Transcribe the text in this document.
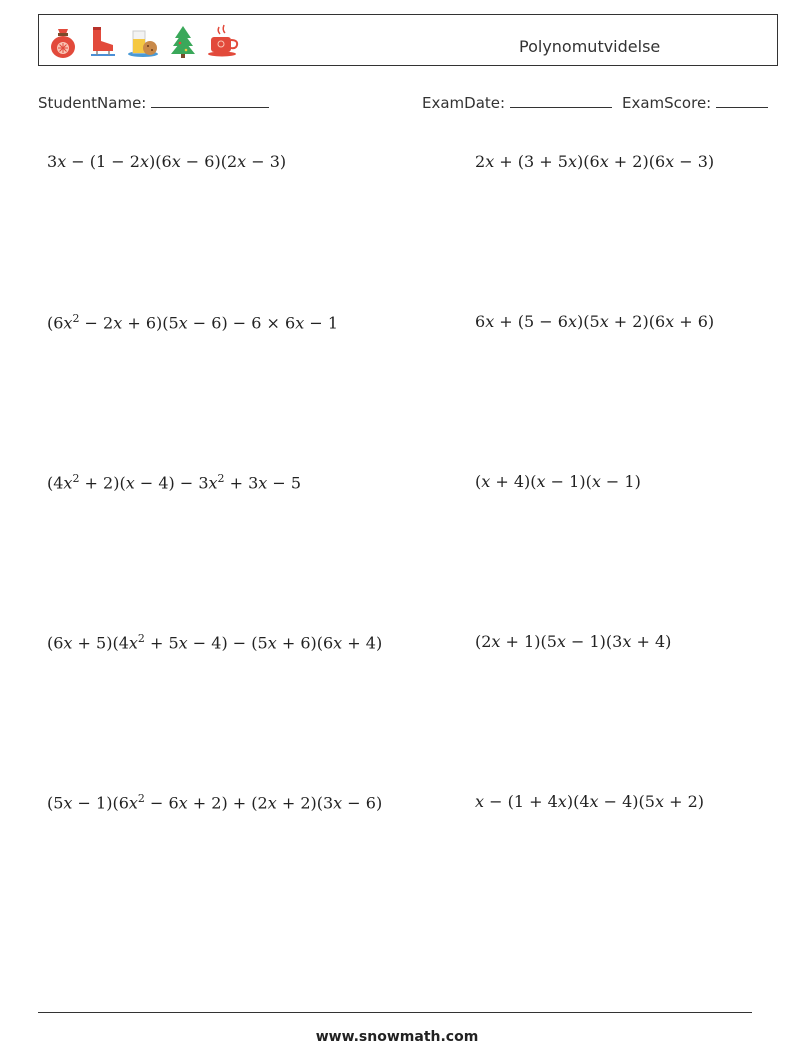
Polynomutvidelse
StudentName:	ExamDate:	ExamScore:
3x − (1 − 2x)(6x − 6)(2x − 3)	2x + (3 + 5x)(6x + 2)(6x − 3)
$(6x^2 - 2x + 6)(5x - 6) - 6 \times 6x - 1$	6x + (5 − 6x)(5x + 2)(6x + 6)
$(4x^2 + 2)(x - 4) - 3x^2 + 3x - 5$	(x + 4)(x − 1)(x − 1)
$(6x + 5)(4x^2 + 5x - 4) - (5x + 6)(6x + 4)$	(2x + 1)(5x − 1)(3x + 4)
$(5x - 1)(6x^2 - 6x + 2) + (2x + 2)(3x - 6)$	x − (1 + 4x)(4x − 4)(5x + 2)
www.snowmath.com
